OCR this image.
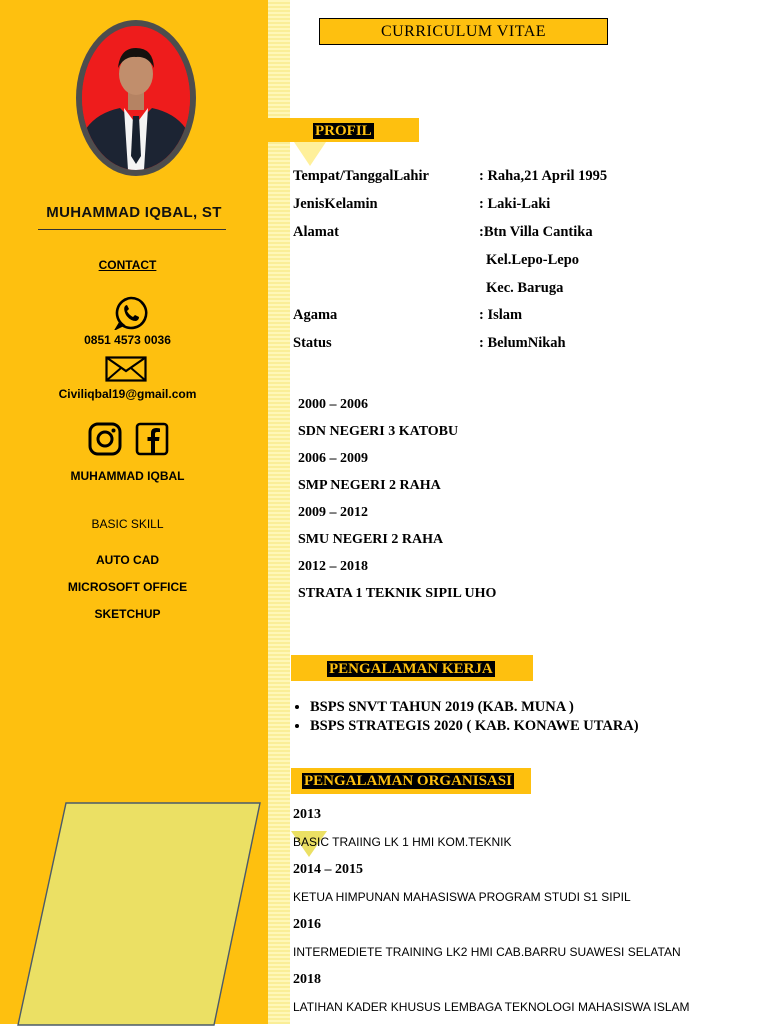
MUHAMMAD IQBAL, ST
CONTACT
0851 4573 0036
Civiliqbal19@gmail.com
MUHAMMAD IQBAL
BASIC SKILL
AUTO CAD
MICROSOFT OFFICE
SKETCHUP
CURRICULUM VITAE
PROFIL
Tempat/TanggalLahir	: Raha,21 April 1995
JenisKelamin	: Laki-Laki
Alamat	:Btn Villa Cantika
Kel.Lepo-Lepo
Kec. Baruga
Agama	: Islam
Status	: BelumNikah
2000 – 2006
SDN NEGERI 3 KATOBU
2006 – 2009
SMP NEGERI 2 RAHA
2009 – 2012
SMU NEGERI 2 RAHA
2012 – 2018
STRATA 1 TEKNIK SIPIL UHO
PENGALAMAN KERJA
• BSPS SNVT TAHUN 2019 (KAB. MUNA )
• BSPS STRATEGIS 2020 ( KAB. KONAWE UTARA)
PENGALAMAN ORGANISASI
2013
BASIC TRAIING LK 1 HMI KOM.TEKNIK
2014 – 2015
KETUA HIMPUNAN MAHASISWA PROGRAM STUDI S1 SIPIL
2016
INTERMEDIETE TRAINING LK2 HMI CAB.BARRU SUAWESI SELATAN
2018
LATIHAN KADER KHUSUS LEMBAGA TEKNOLOGI MAHASISWA ISLAM
